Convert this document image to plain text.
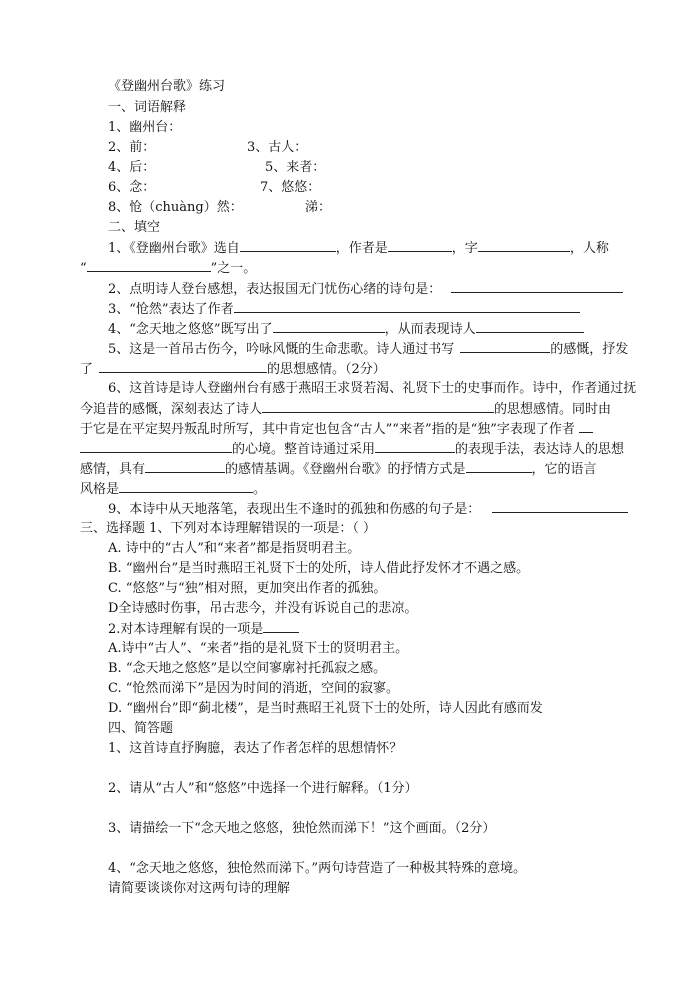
《登幽州台歌》练习
一、词语解释
1、幽州台：
2、前：	3、古人：
4、后：	5、来者：
6、念：	7、悠悠：
8、怆（chuàng）然：	涕：
二、填空
1、《登幽州台歌》选自	，作者是	，字	，人称
“	”之一。
2、点明诗人登台感想，表达报国无门忧伤心绪的诗句是：
3、“怆然”表达了作者
4、“念天地之悠悠”既写出了	，从而表现诗人
5、这是一首吊古伤今，吟咏风慨的生命悲歌。诗人通过书写	的感慨，抒发
了	的思想感情。（2分）
6、这首诗是诗人登幽州台有感于燕昭王求贤若渴、礼贤下士的史事而作。诗中，作者通过抚
今追昔的感慨，深刻表达了诗人	的思想感情。同时由
于它是在平定契丹叛乱时所写，其中肯定也包含“古人”“来者”指的是“独”字表现了作者
的心境。整首诗通过采用	的表现手法，表达诗人的思想
感情，具有	的感情基调。《登幽州台歌》的抒情方式是	，它的语言
风格是	。
9、本诗中从天地落笔，表现出生不逢时的孤独和伤感的句子是：
三、选择题 1、下列对本诗理解错误的一项是：（ ）
A. 诗中的“古人”和“来者”都是指贤明君主。
B. “幽州台”是当时燕昭王礼贤下士的处所，诗人借此抒发怀才不遇之感。
C. “悠悠”与“独”相对照，更加突出作者的孤独。
D全诗感时伤事，吊古悲今，并没有诉说自己的悲凉。
2.对本诗理解有误的一项是
A.诗中“古人”、“来者”指的是礼贤下士的贤明君主。
B. “念天地之悠悠”是以空间寥廓衬托孤寂之感。
C. “怆然而涕下”是因为时间的消逝，空间的寂寥。
D. “幽州台”即“蓟北楼”，是当时燕昭王礼贤下士的处所，诗人因此有感而发
四、简答题
1、这首诗直抒胸臆，表达了作者怎样的思想情怀？
2、请从“古人”和“悠悠”中选择一个进行解释。（1分）
3、请描绘一下“念天地之悠悠，独怆然而涕下！”这个画面。（2分）
4、“念天地之悠悠，独怆然而涕下。”两句诗营造了一种极其特殊的意境。
请简要谈谈你对这两句诗的理解
